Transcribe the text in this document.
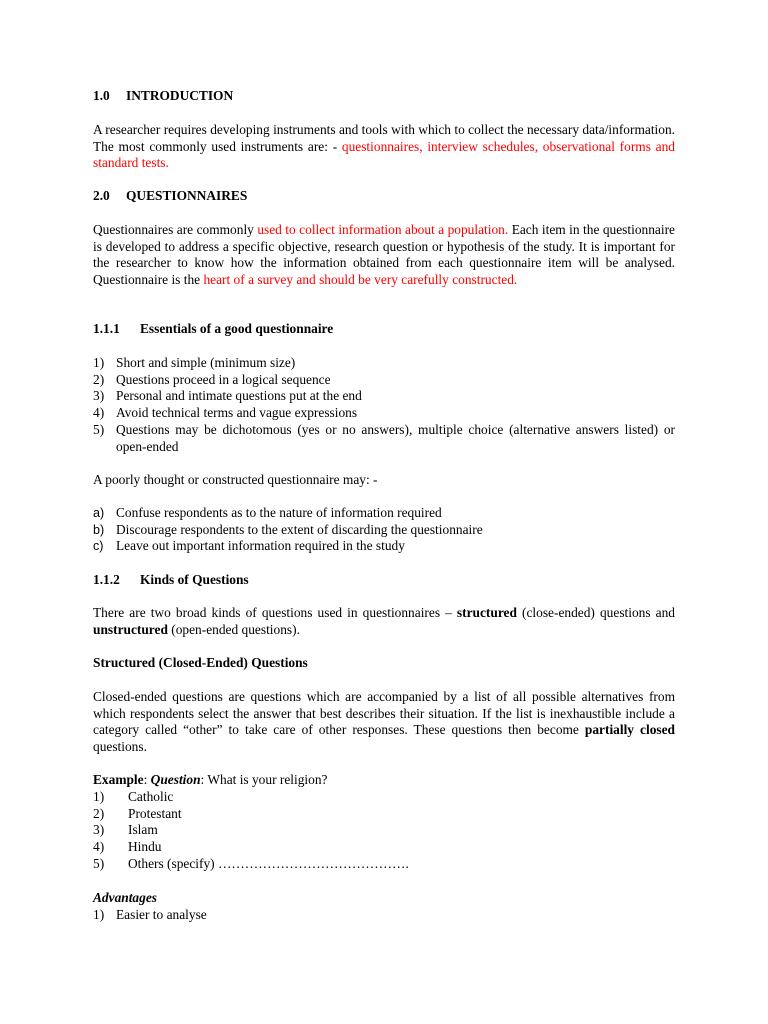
1.0 INTRODUCTION
A researcher requires developing instruments and tools with which to collect the necessary data/information. The most commonly used instruments are: - questionnaires, interview schedules, observational forms and standard tests.
2.0 QUESTIONNAIRES
Questionnaires are commonly used to collect information about a population. Each item in the questionnaire is developed to address a specific objective, research question or hypothesis of the study. It is important for the researcher to know how the information obtained from each questionnaire item will be analysed. Questionnaire is the heart of a survey and should be very carefully constructed.
1.1.1 Essentials of a good questionnaire
1) Short and simple (minimum size)
2) Questions proceed in a logical sequence
3) Personal and intimate questions put at the end
4) Avoid technical terms and vague expressions
5) Questions may be dichotomous (yes or no answers), multiple choice (alternative answers listed) or open-ended
A poorly thought or constructed questionnaire may: -
a) Confuse respondents as to the nature of information required
b) Discourage respondents to the extent of discarding the questionnaire
c) Leave out important information required in the study
1.1.2 Kinds of Questions
There are two broad kinds of questions used in questionnaires – structured (close-ended) questions and unstructured (open-ended questions).
Structured (Closed-Ended) Questions
Closed-ended questions are questions which are accompanied by a list of all possible alternatives from which respondents select the answer that best describes their situation. If the list is inexhaustible include a category called “other” to take care of other responses. These questions then become partially closed questions.
Example: Question: What is your religion?
1)	Catholic
2)	Protestant
3)	Islam
4)	Hindu
5)	Others (specify) …………………………………….
Advantages
1) Easier to analyse
